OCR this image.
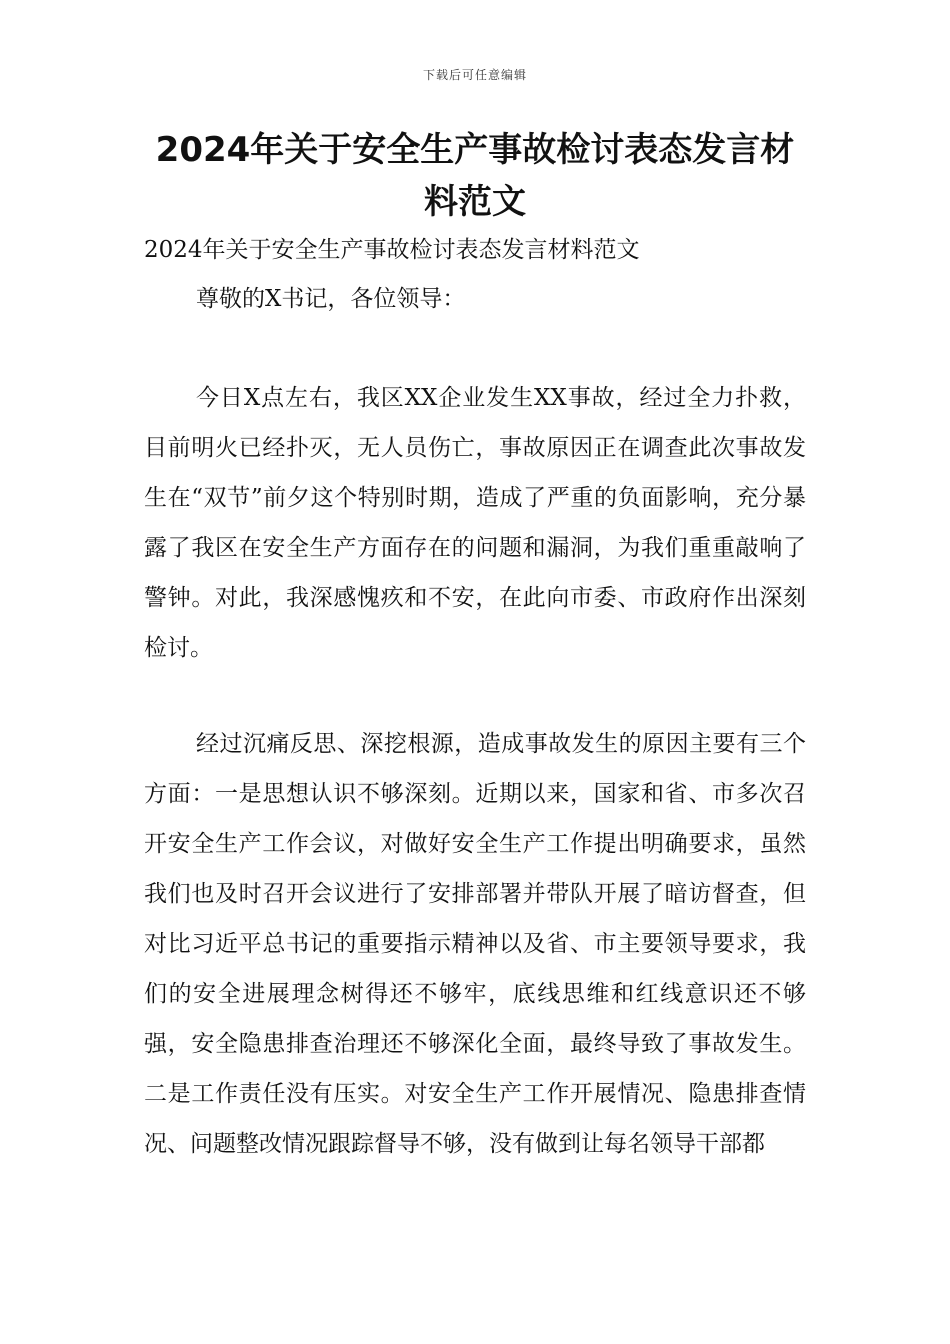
下载后可任意编辑
2024年关于安全生产事故检讨表态发言材料范文

2024年关于安全生产事故检讨表态发言材料范文

尊敬的X书记，各位领导：

今日X点左右，我区XX企业发生XX事故，经过全力扑救，目前明火已经扑灭，无人员伤亡，事故原因正在调查此次事故发生在“双节”前夕这个特别时期，造成了严重的负面影响，充分暴露了我区在安全生产方面存在的问题和漏洞，为我们重重敲响了警钟。对此，我深感愧疚和不安，在此向市委、市政府作出深刻检讨。

经过沉痛反思、深挖根源，造成事故发生的原因主要有三个方面：一是思想认识不够深刻。近期以来，国家和省、市多次召开安全生产工作会议，对做好安全生产工作提出明确要求，虽然我们也及时召开会议进行了安排部署并带队开展了暗访督查，但对比习近平总书记的重要指示精神以及省、市主要领导要求，我们的安全进展理念树得还不够牢，底线思维和红线意识还不够强，安全隐患排查治理还不够深化全面，最终导致了事故发生。二是工作责任没有压实。对安全生产工作开展情况、隐患排查情况、问题整改情况跟踪督导不够，没有做到让每名领导干部都
